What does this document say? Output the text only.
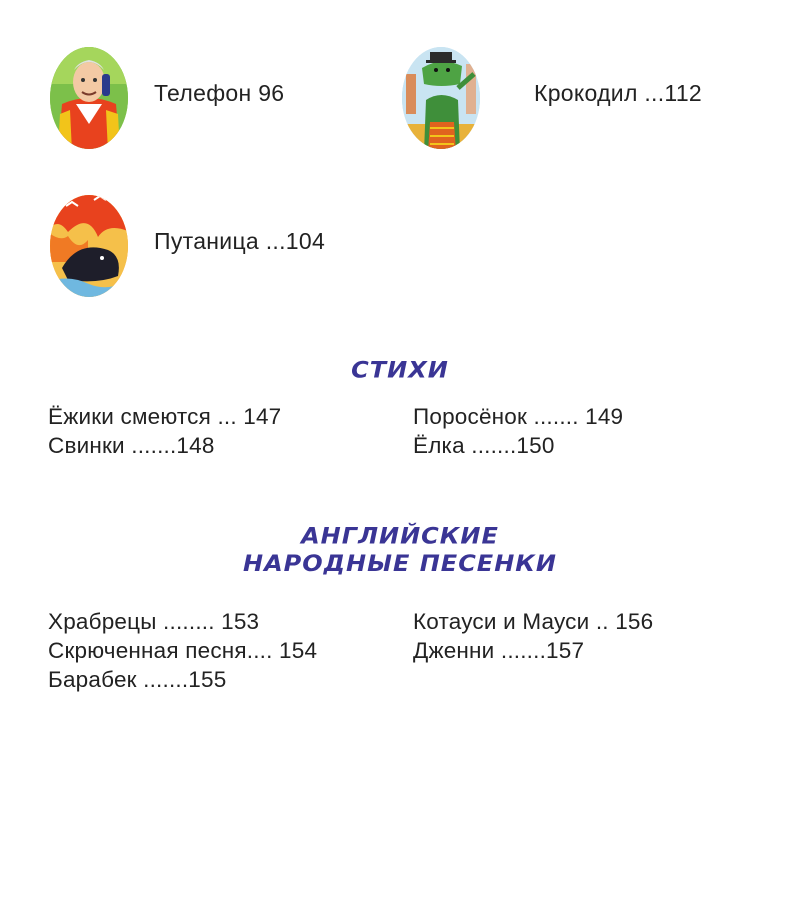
Телефон 96	Крокодил ...112
Путаница ...104
СТИХИ
Ёжики смеются ... 147
Свинки .......148
Поросёнок ....... 149
Ёлка .......150
АНГЛИЙСКИЕ
НАРОДНЫЕ ПЕСЕНКИ
Храбрецы ........ 153
Скрюченная песня.... 154
Барабек .......155
Котауси и Мауси .. 156
Дженни .......157
